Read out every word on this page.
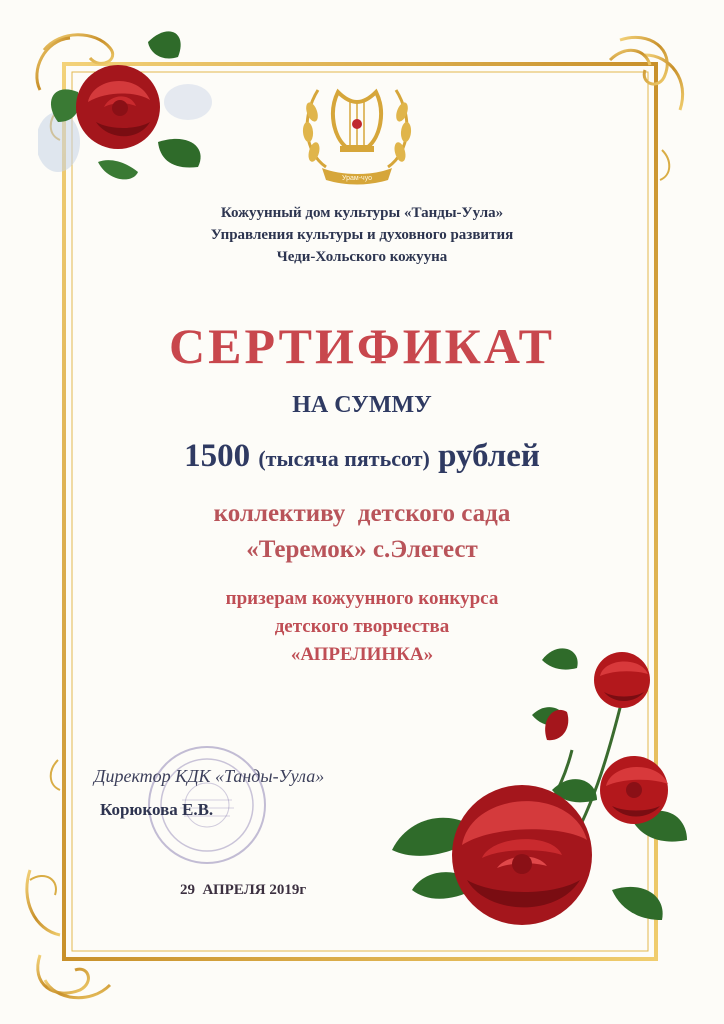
Урам-чуо
Кожуунный дом культуры «Танды-Уула»
Управления культуры и духовного развития
Чеди-Хольского кожууна
СЕРТИФИКАТ
НА СУММУ
1500 (тысяча пятьсот) рублей
коллективу  детского сада
«Теремок» с.Элегест
призерам кожуунного конкурса
детского творчества
«АПРЕЛИНКА»
Директор КДК «Танды-Уула»
Корюкова Е.В.
29  АПРЕЛЯ 2019г
